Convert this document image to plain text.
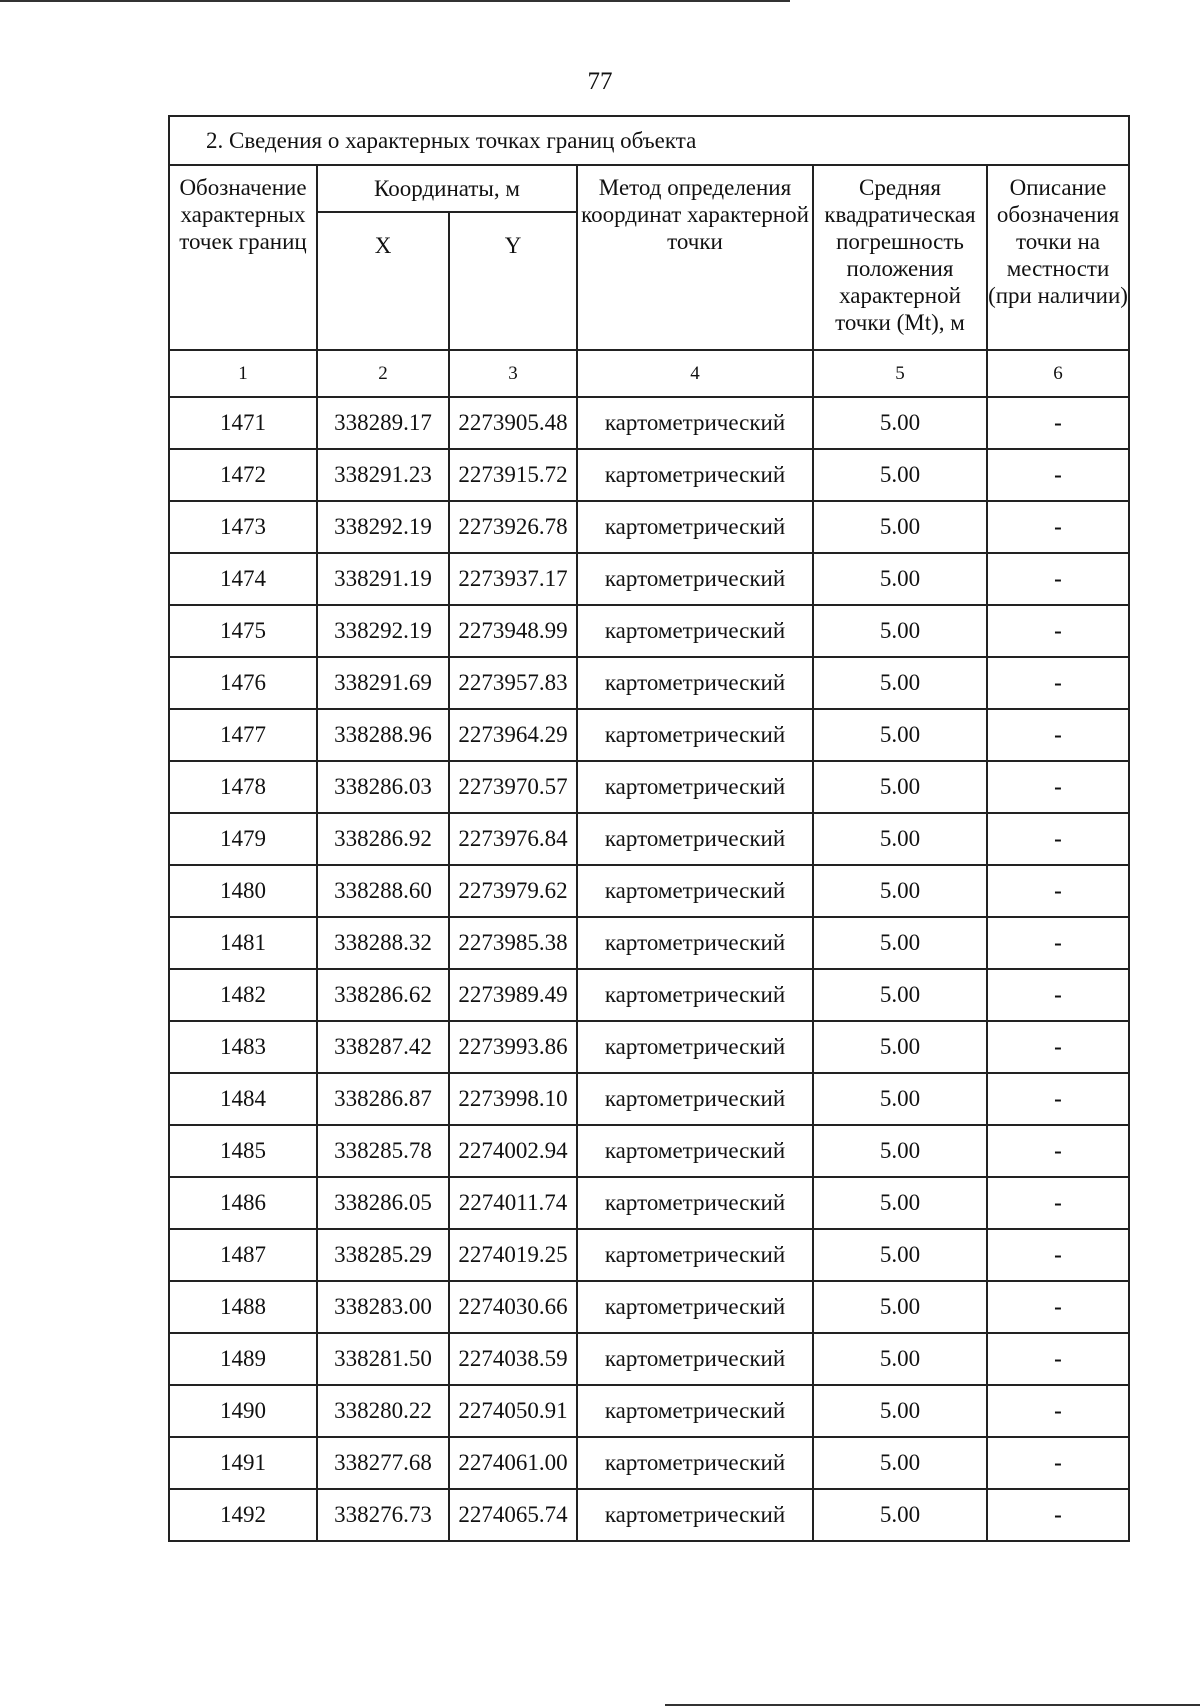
77
2. Сведения о характерных точках границ объекта					
Обозначение характерных точек границ	Координаты, м		Метод определения координат характерной точки	Средняя квадратическая погрешность положения характерной точки (Mt), м	Описание обозначения точки на местности (при наличии)
	X	Y			
1	2	3	4	5	6
1471	338289.17	2273905.48	картометрический	5.00	-
1472	338291.23	2273915.72	картометрический	5.00	-
1473	338292.19	2273926.78	картометрический	5.00	-
1474	338291.19	2273937.17	картометрический	5.00	-
1475	338292.19	2273948.99	картометрический	5.00	-
1476	338291.69	2273957.83	картометрический	5.00	-
1477	338288.96	2273964.29	картометрический	5.00	-
1478	338286.03	2273970.57	картометрический	5.00	-
1479	338286.92	2273976.84	картометрический	5.00	-
1480	338288.60	2273979.62	картометрический	5.00	-
1481	338288.32	2273985.38	картометрический	5.00	-
1482	338286.62	2273989.49	картометрический	5.00	-
1483	338287.42	2273993.86	картометрический	5.00	-
1484	338286.87	2273998.10	картометрический	5.00	-
1485	338285.78	2274002.94	картометрический	5.00	-
1486	338286.05	2274011.74	картометрический	5.00	-
1487	338285.29	2274019.25	картометрический	5.00	-
1488	338283.00	2274030.66	картометрический	5.00	-
1489	338281.50	2274038.59	картометрический	5.00	-
1490	338280.22	2274050.91	картометрический	5.00	-
1491	338277.68	2274061.00	картометрический	5.00	-
1492	338276.73	2274065.74	картометрический	5.00	-
